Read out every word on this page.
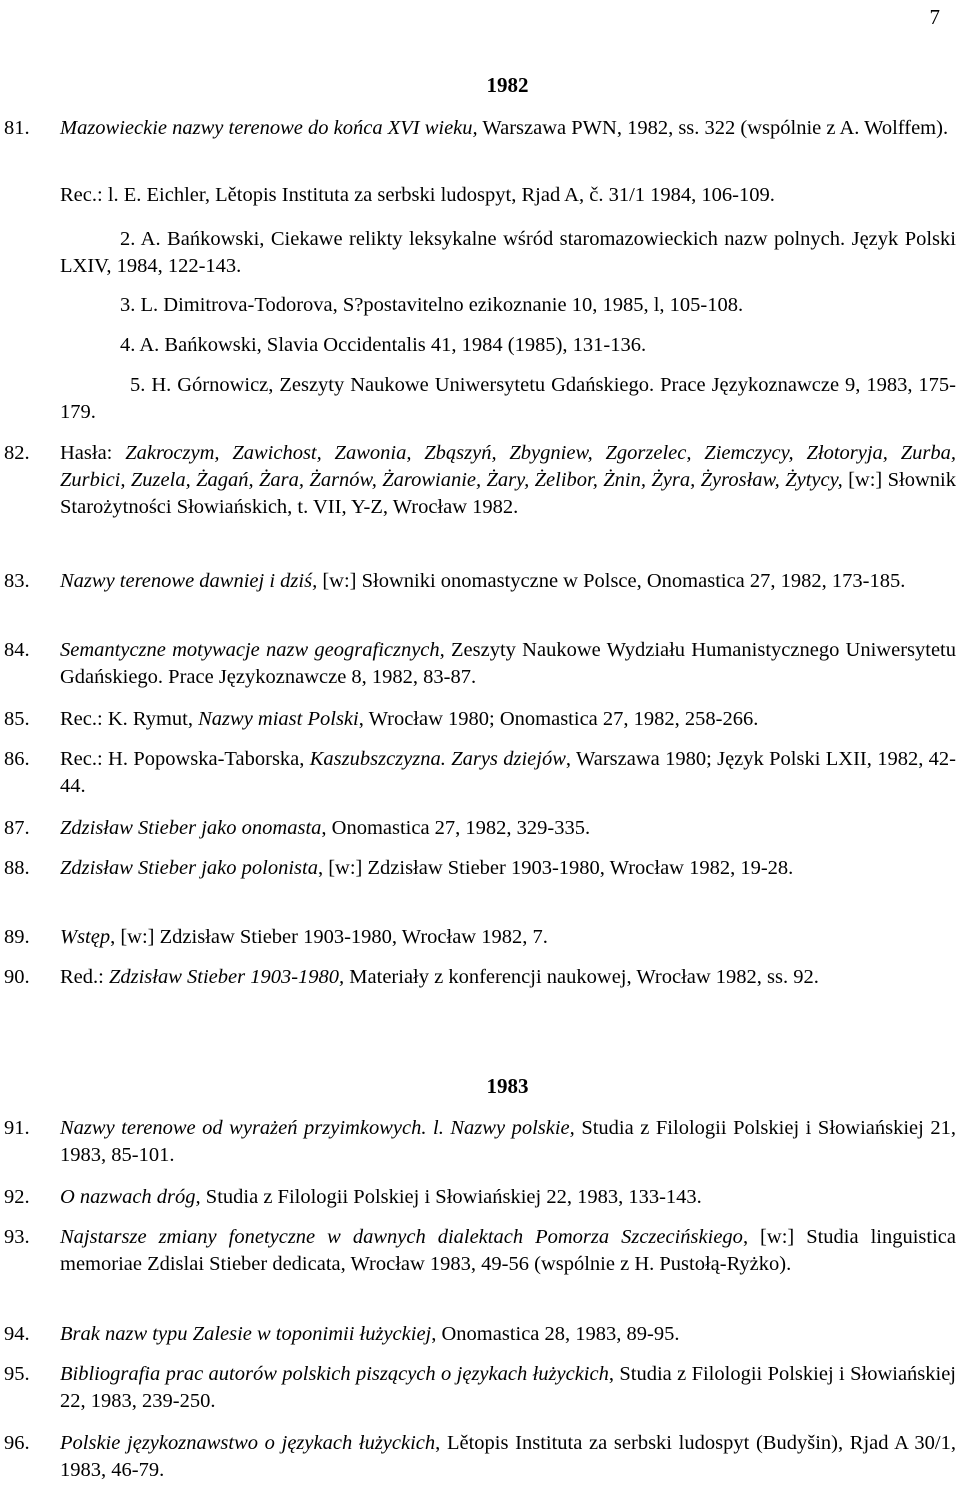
7
1982
81. Mazowieckie nazwy terenowe do końca XVI wieku, Warszawa PWN, 1982, ss. 322 (wspólnie z A. Wolffem).
Rec.: l. E. Eichler, Lětopis Instituta za serbski ludospyt, Rjad A, č. 31/1 1984, 106-109.
2. A. Bańkowski, Ciekawe relikty leksykalne wśród staromazowieckich nazw polnych. Język Polski LXIV, 1984, 122-143.
3. L. Dimitrova-Todorova, S?postavitelno ezikoznanie 10, 1985, l, 105-108.
4. A. Bańkowski, Slavia Occidentalis 41, 1984 (1985), 131-136.
5. H. Górnowicz, Zeszyty Naukowe Uniwersytetu Gdańskiego. Prace Językoznawcze 9, 1983, 175-179.
82. Hasła: Zakroczym, Zawichost, Zawonia, Zbąszyń, Zbygniew, Zgorzelec, Ziemczycy, Złotoryja, Zurba, Zurbici, Zuzela, Żagań, Żara, Żarnów, Żarowianie, Żary, Żelibor, Żnin, Żyra, Żyrosław, Żytycy, [w:] Słownik Starożytności Słowiańskich, t. VII, Y-Z, Wrocław 1982.
83. Nazwy terenowe dawniej i dziś, [w:] Słowniki onomastyczne w Polsce, Onomastica 27, 1982, 173-185.
84. Semantyczne motywacje nazw geograficznych, Zeszyty Naukowe Wydziału Humanistycznego Uniwersytetu Gdańskiego. Prace Językoznawcze 8, 1982, 83-87.
85. Rec.: K. Rymut, Nazwy miast Polski, Wrocław 1980; Onomastica 27, 1982, 258-266.
86. Rec.: H. Popowska-Taborska, Kaszubszczyzna. Zarys dziejów, Warszawa 1980; Język Polski LXII, 1982, 42-44.
87. Zdzisław Stieber jako onomasta, Onomastica 27, 1982, 329-335.
88. Zdzisław Stieber jako polonista, [w:] Zdzisław Stieber 1903-1980, Wrocław 1982, 19-28.
89. Wstęp, [w:] Zdzisław Stieber 1903-1980, Wrocław 1982, 7.
90. Red.: Zdzisław Stieber 1903-1980, Materiały z konferencji naukowej, Wrocław 1982, ss. 92.
1983
91. Nazwy terenowe od wyrażeń przyimkowych. l. Nazwy polskie, Studia z Filologii Polskiej i Słowiańskiej 21, 1983, 85-101.
92. O nazwach dróg, Studia z Filologii Polskiej i Słowiańskiej 22, 1983, 133-143.
93. Najstarsze zmiany fonetyczne w dawnych dialektach Pomorza Szczecińskiego, [w:] Studia linguistica memoriae Zdislai Stieber dedicata, Wrocław 1983, 49-56 (wspólnie z H. Pustołą-Ryżko).
94. Brak nazw typu Zalesie w toponimii łużyckiej, Onomastica 28, 1983, 89-95.
95. Bibliografia prac autorów polskich piszących o językach łużyckich, Studia z Filologii Polskiej i Słowiańskiej 22, 1983, 239-250.
96. Polskie językoznawstwo o językach łużyckich, Lětopis Instituta za serbski ludospyt (Budyšin), Rjad A 30/1, 1983, 46-79.
